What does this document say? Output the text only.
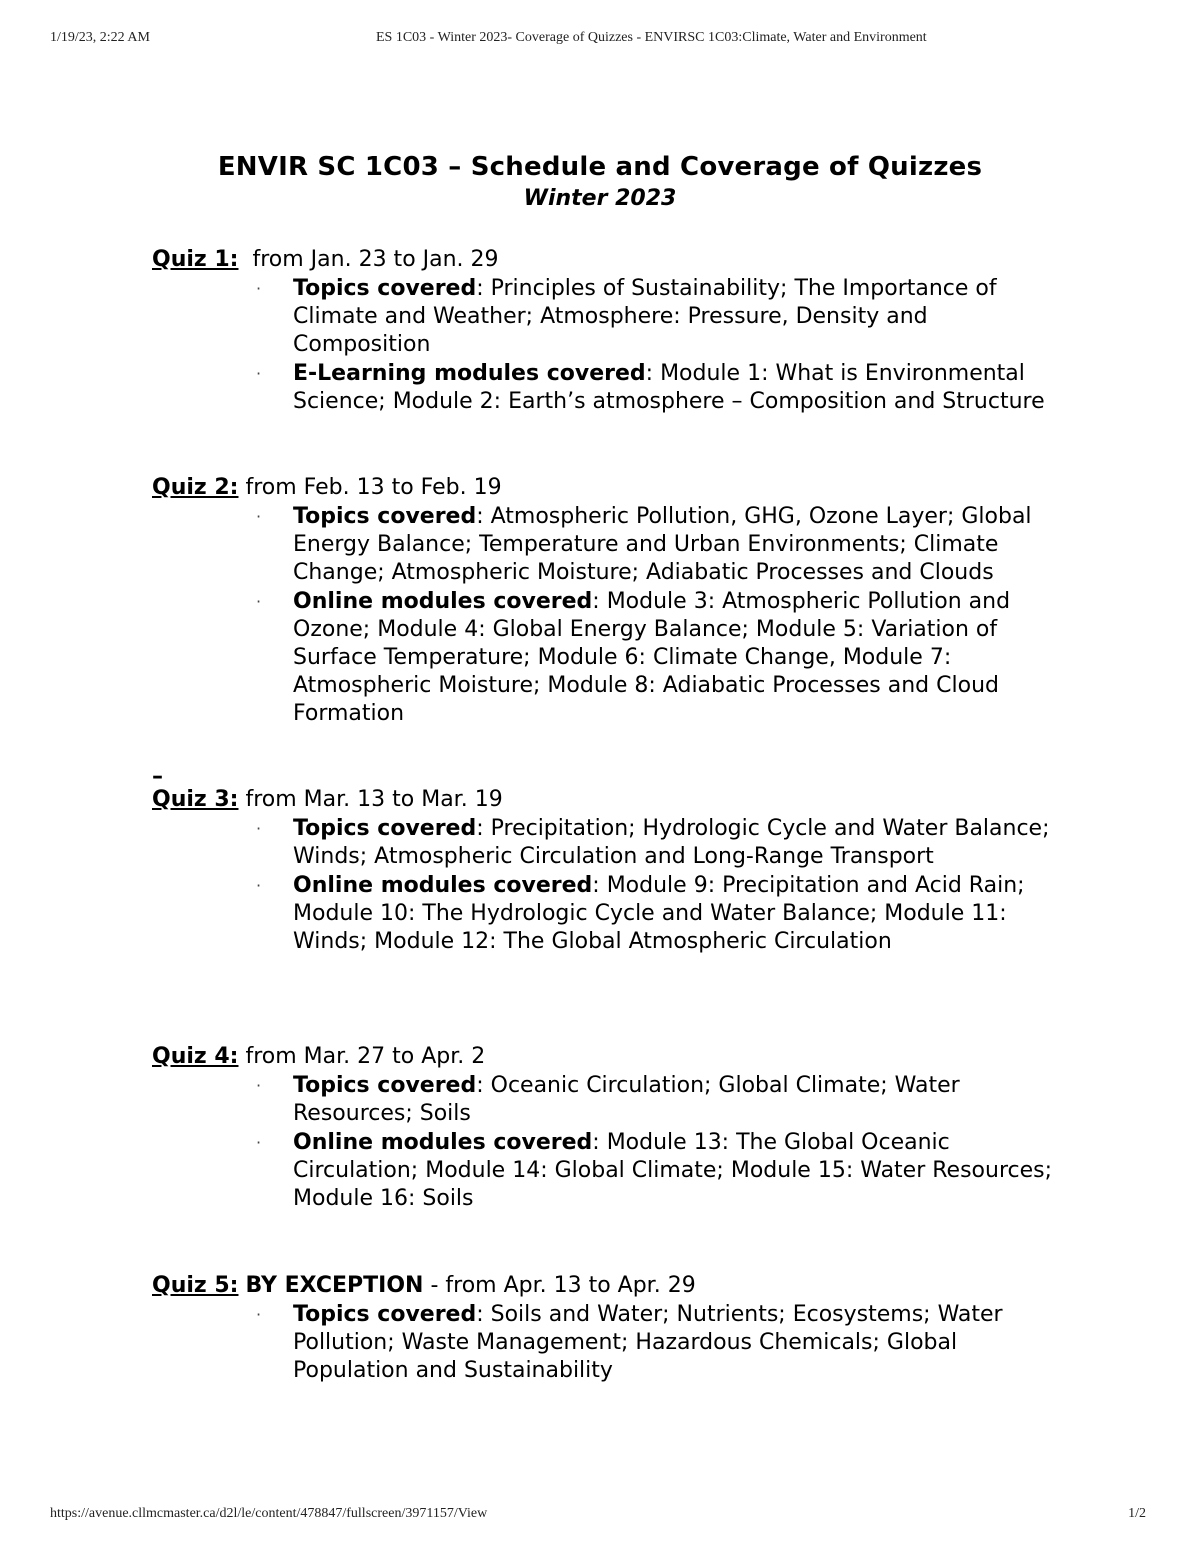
1/19/23, 2:22 AM	ES 1C03 - Winter 2023- Coverage of Quizzes - ENVIRSC 1C03:Climate, Water and Environment
ENVIR SC 1C03 – Schedule and Coverage of Quizzes
Winter 2023
Quiz 1: from Jan. 23 to Jan. 29
· Topics covered: Principles of Sustainability; The Importance of Climate and Weather; Atmosphere: Pressure, Density and Composition
· E-Learning modules covered: Module 1: What is Environmental Science; Module 2: Earth’s atmosphere – Composition and Structure
Quiz 2: from Feb. 13 to Feb. 19
· Topics covered: Atmospheric Pollution, GHG, Ozone Layer; Global Energy Balance; Temperature and Urban Environments; Climate Change; Atmospheric Moisture; Adiabatic Processes and Clouds
· Online modules covered: Module 3: Atmospheric Pollution and Ozone; Module 4: Global Energy Balance; Module 5: Variation of Surface Temperature; Module 6: Climate Change, Module 7: Atmospheric Moisture; Module 8: Adiabatic Processes and Cloud Formation
–
Quiz 3: from Mar. 13 to Mar. 19
· Topics covered: Precipitation; Hydrologic Cycle and Water Balance; Winds; Atmospheric Circulation and Long-Range Transport
· Online modules covered: Module 9: Precipitation and Acid Rain; Module 10: The Hydrologic Cycle and Water Balance; Module 11: Winds; Module 12: The Global Atmospheric Circulation
Quiz 4: from Mar. 27 to Apr. 2
· Topics covered: Oceanic Circulation; Global Climate; Water Resources; Soils
· Online modules covered: Module 13: The Global Oceanic Circulation; Module 14: Global Climate; Module 15: Water Resources; Module 16: Soils
Quiz 5: BY EXCEPTION - from Apr. 13 to Apr. 29
· Topics covered: Soils and Water; Nutrients; Ecosystems; Water Pollution; Waste Management; Hazardous Chemicals; Global Population and Sustainability
https://avenue.cllmcmaster.ca/d2l/le/content/478847/fullscreen/3971157/View	1/2
